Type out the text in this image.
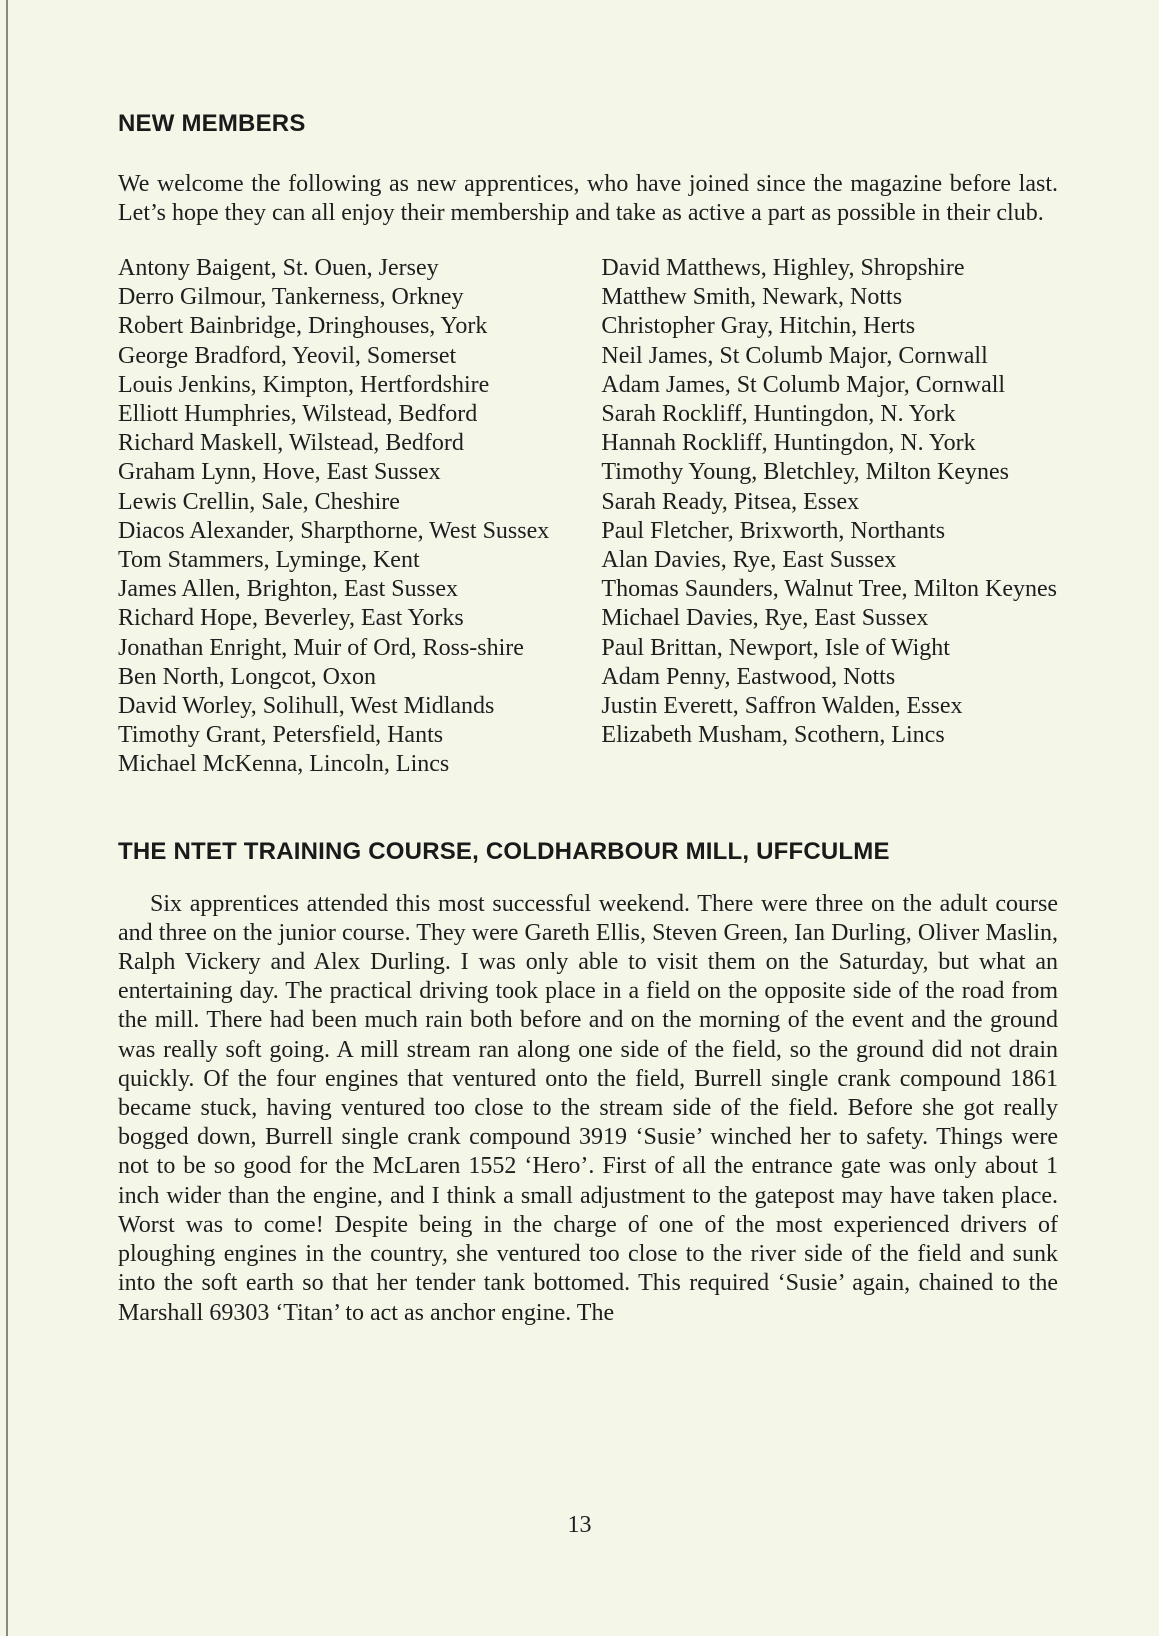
NEW MEMBERS

We welcome the following as new apprentices, who have joined since the magazine before last. Let’s hope they can all enjoy their membership and take as active a part as possible in their club.

Antony Baigent, St. Ouen, Jersey
Derro Gilmour, Tankerness, Orkney
Robert Bainbridge, Dringhouses, York
George Bradford, Yeovil, Somerset
Louis Jenkins, Kimpton, Hertfordshire
Elliott Humphries, Wilstead, Bedford
Richard Maskell, Wilstead, Bedford
Graham Lynn, Hove, East Sussex
Lewis Crellin, Sale, Cheshire
Diacos Alexander, Sharpthorne, West Sussex
Tom Stammers, Lyminge, Kent
James Allen, Brighton, East Sussex
Richard Hope, Beverley, East Yorks
Jonathan Enright, Muir of Ord, Ross-shire
Ben North, Longcot, Oxon
David Worley, Solihull, West Midlands
Timothy Grant, Petersfield, Hants
Michael McKenna, Lincoln, Lincs
David Matthews, Highley, Shropshire
Matthew Smith, Newark, Notts
Christopher Gray, Hitchin, Herts
Neil James, St Columb Major, Cornwall
Adam James, St Columb Major, Cornwall
Sarah Rockliff, Huntingdon, N. York
Hannah Rockliff, Huntingdon, N. York
Timothy Young, Bletchley, Milton Keynes
Sarah Ready, Pitsea, Essex
Paul Fletcher, Brixworth, Northants
Alan Davies, Rye, East Sussex
Thomas Saunders, Walnut Tree, Milton Keynes
Michael Davies, Rye, East Sussex
Paul Brittan, Newport, Isle of Wight
Adam Penny, Eastwood, Notts
Justin Everett, Saffron Walden, Essex
Elizabeth Musham, Scothern, Lincs
THE NTET TRAINING COURSE, COLDHARBOUR MILL, UFFCULME

Six apprentices attended this most successful weekend. There were three on the adult course and three on the junior course. They were Gareth Ellis, Steven Green, Ian Durling, Oliver Maslin, Ralph Vickery and Alex Durling. I was only able to visit them on the Saturday, but what an entertaining day. The practical driving took place in a field on the opposite side of the road from the mill. There had been much rain both before and on the morning of the event and the ground was really soft going. A mill stream ran along one side of the field, so the ground did not drain quickly. Of the four engines that ventured onto the field, Burrell single crank compound 1861 became stuck, having ventured too close to the stream side of the field. Before she got really bogged down, Burrell single crank compound 3919 ‘Susie’ winched her to safety. Things were not to be so good for the McLaren 1552 ‘Hero’. First of all the entrance gate was only about 1 inch wider than the engine, and I think a small adjustment to the gatepost may have taken place. Worst was to come! Despite being in the charge of one of the most experienced drivers of ploughing engines in the country, she ventured too close to the river side of the field and sunk into the soft earth so that her tender tank bottomed. This required ‘Susie’ again, chained to the Marshall 69303 ‘Titan’ to act as anchor engine. The

13
